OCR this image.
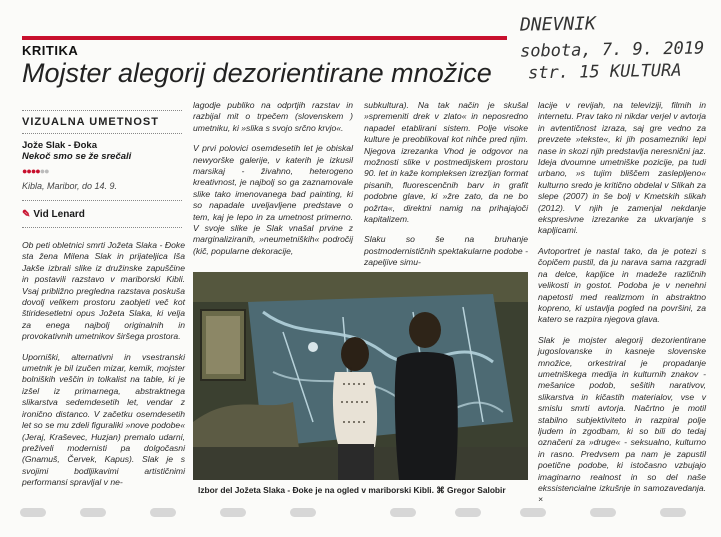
KRITIKA
Mojster alegorij dezorientirane množice
DNEVNIK
sobota, 7. 9. 2019
str. 15 KULTURA
VIZUALNA UMETNOST
Jože Slak - Đoka
Nekoč smo se že srečali
●●●●●●
Kibla, Maribor, do 14. 9.
✎ Vid Lenard

Ob peti obletnici smrti Jožeta Slaka - Đoke sta žena Milena Slak in prijateljica Iša Jakše izbrali slike iz družinske zapuščine in postavili razstavo v mariborski Kibli. Vsaj približno pregledna razstava poskuša dovolj velikem prostoru zaobjeti več kot štiridesetletni opus Jožeta Slaka, ki velja za enega najbolj originalnih in provokativnih umetnikov širšega prostora.

Uporniški, alternativni in vsestranski umetnik je bil izučen mizar, kemik, mojster bolniških veščin in tolkalist na table, ki je izšel iz primarnega, abstraktnega slikarstva sedemdesetih let, vendar z ironično distanco. V začetku osemdesetih let so se mu zdeli figuraliki »nove podobe« (Jeraj, Kraševec, Huzjan) premalo udarni, preživeli modernisti pa dolgočasni (Gnamuš, Červek, Kapus). Slak je s svojimi bodljikavimi artističnimi performansi spravljal v ne-

lagodje publiko na odprtjih razstav in razbijal mit o trpečem (slovenskem ) umetniku, ki »slika s svojo srčno krvjo«.

V prvi polovici osemdesetih let je obiskal newyorške galerije, v katerih je izkusil marsikaj - živahno, heterogeno kreativnost, je najbolj so ga zaznamovale slike tako imenovanega bad painting, ki so napadale uveljavljene predstave o tem, kaj je lepo in za umetnost primerno. V svoje slike je Slak vnašal prvine z marginaliziranih, »neumetniških« področij (kič, popularne dekoracije,

subkultura). Na tak način je skušal »spremeniti drek v zlato« in neposredno napadel etablirani sistem. Polje visoke kulture je preoblikoval kot nihče pred njim. Njegova izrezanka Vhod je odgovor na možnosti slike v postmedijskem prostoru 90. let in kaže kompleksen izrezljan format pisanih, fluorescenčnih barv in grafit podobne glave, ki »žre zato, da ne bo požrta«, direktni namig na prihajajoči kapitalizem.

Slaku so še na bruhanje postmodernističnih spektakularne podobe - zapeljive simu-

lacije v revijah, na televiziji, filmih in internetu. Prav tako ni nikdar verjel v avtorja in avtentičnost izraza, saj gre vedno za prevzete »tekste«, ki jih posamezniki lepi nase in skozi njih predstavlja neresnični jaz. Ideja dvoumne umetniške pozicije, pa tudi urbano, »s tujim bliščem zaslepljeno« kulturno sredo je kritično obdelal v Slikah za slepe (2007) in še bolj v Kmetskih slikah (2012). V njih je zamenjal nekdanje ekspresivne izrezanke za ukvarjanje s kapljicami.

Avtoportret je nastal tako, da je potezi s čopičem pustil, da ju narava sama razgradi na delce, kapljice in madeže različnih velikosti in gostot. Podoba je v nenehni napetosti med realizmom in abstraktno kopreno, ki ustavlja pogled na površini, za katero se razpira njegova glava.

Slak je mojster alegorij dezorientirane jugoslovanske in kasneje slovenske množice, orkestriral je propadanje umetniškega medija in kulturnih znakov - mešanice podob, sešitih narativov, slikarstva in kičastih materialov, vse v smislu smrti avtorja. Načrtno je motil stabilno subjektiviteto in razpiral polje ljudem in zgodbam, ki so bili do tedaj označeni za »druge« - seksualno, kulturno in rasno. Predvsem pa nam je zapustil poetične podobe, ki istočasno vzbujajo imaginarno realnost in so del naše ekssistencialne izkušnje in samozavedanja. ×

Izbor del Jožeta Slaka - Đoke je na ogled v mariborski Kibli. ⌘ Gregor Salobir
